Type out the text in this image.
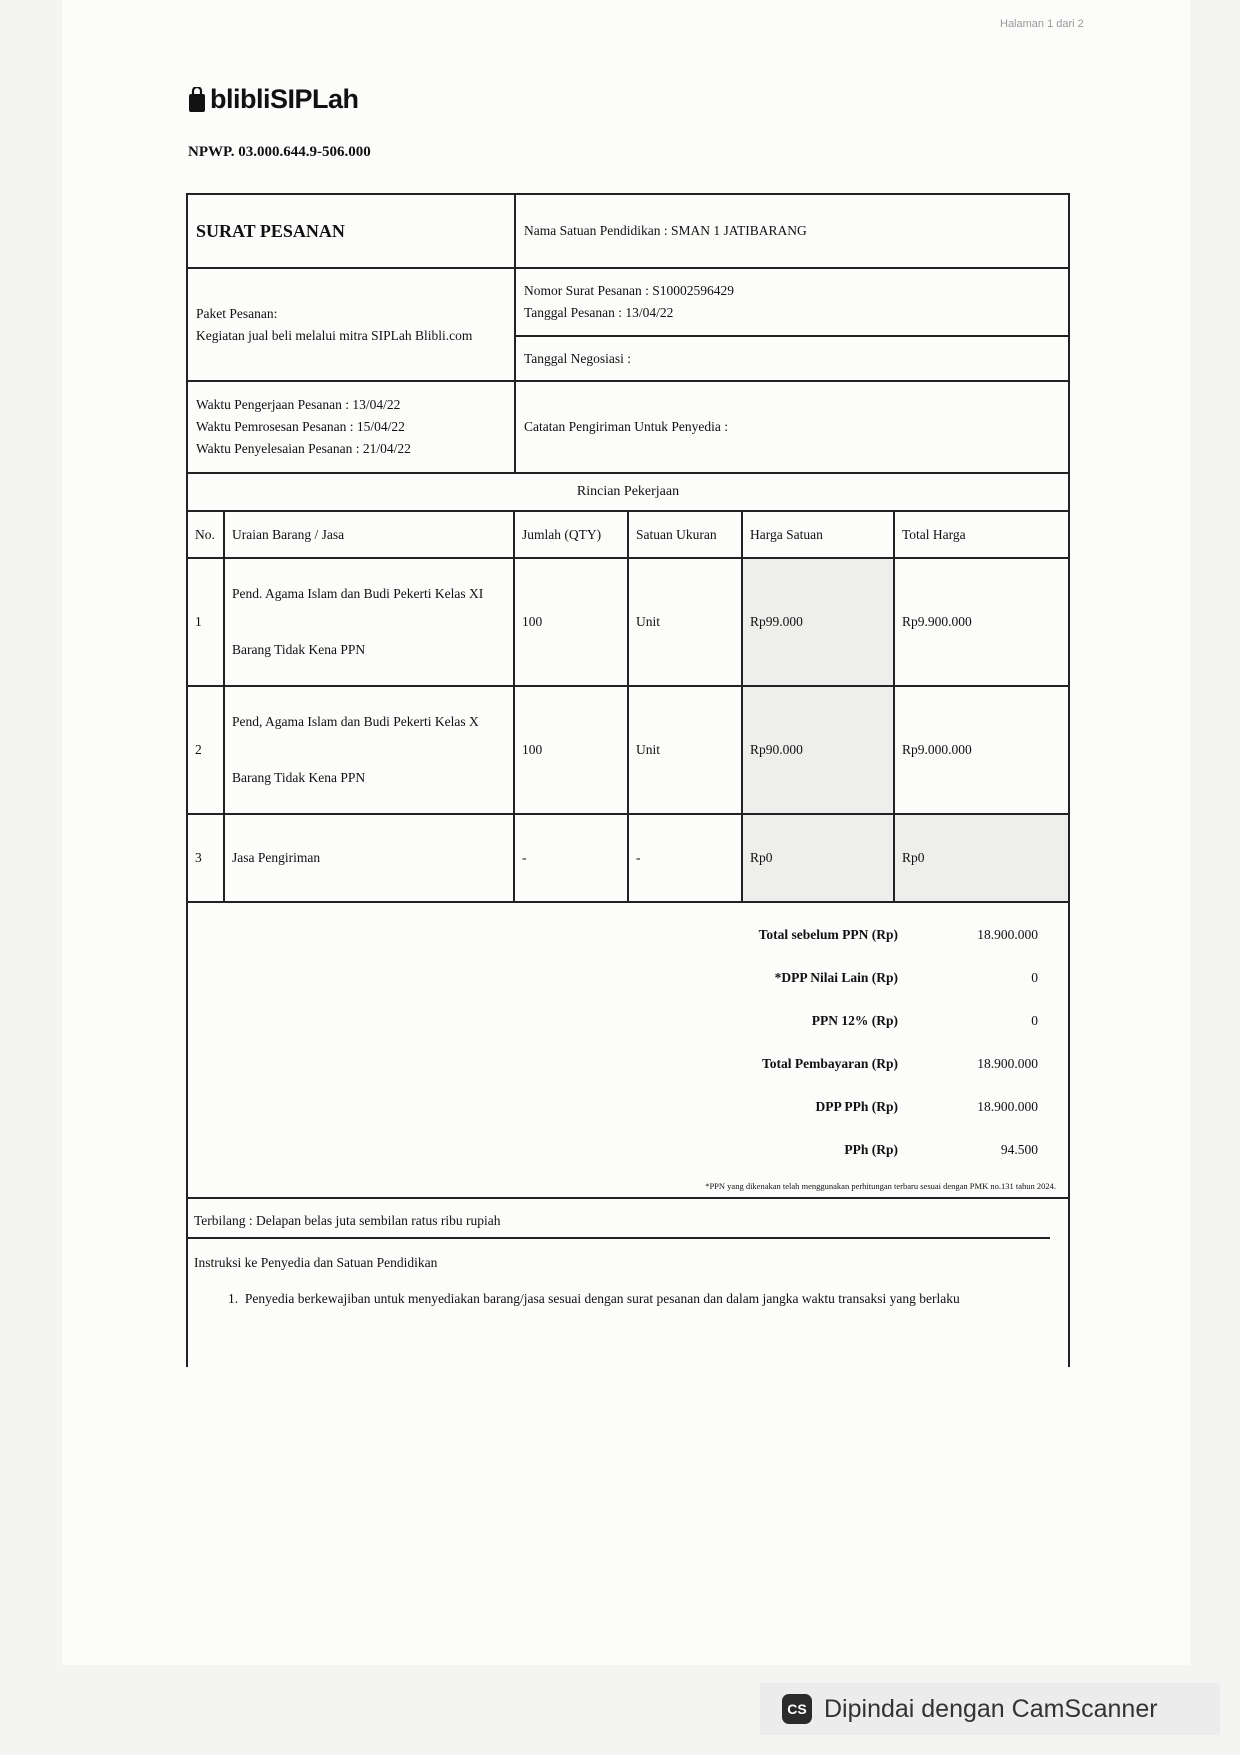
Halaman 1 dari 2
blibliSIPLah
NPWP. 03.000.644.9-506.000
SURAT PESANAN	Nama Satuan Pendidikan : SMAN 1 JATIBARANG
Paket Pesanan:
Kegiatan jual beli melalui mitra SIPLah Blibli.com
Nomor Surat Pesanan : S10002596429
Tanggal Pesanan : 13/04/22
Tanggal Negosiasi :
Waktu Pengerjaan Pesanan : 13/04/22
Waktu Pemrosesan Pesanan : 15/04/22
Waktu Penyelesaian Pesanan : 21/04/22
Catatan Pengiriman Untuk Penyedia :
Rincian Pekerjaan
No.	Uraian Barang / Jasa	Jumlah (QTY)	Satuan Ukuran	Harga Satuan	Total Harga
1	Pend. Agama Islam dan Budi Pekerti Kelas XI
Barang Tidak Kena PPN	100	Unit	Rp99.000	Rp9.900.000
2	Pend, Agama Islam dan Budi Pekerti Kelas X
Barang Tidak Kena PPN	100	Unit	Rp90.000	Rp9.000.000
3	Jasa Pengiriman	-	-	Rp0	Rp0
Total sebelum PPN (Rp)	18.900.000
*DPP Nilai Lain (Rp)	0
PPN 12% (Rp)	0
Total Pembayaran (Rp)	18.900.000
DPP PPh (Rp)	18.900.000
PPh (Rp)	94.500
*PPN yang dikenakan telah menggunakan perhitungan terbaru sesuai dengan PMK no.131 tahun 2024.
Terbilang : Delapan belas juta sembilan ratus ribu rupiah
Instruksi ke Penyedia dan Satuan Pendidikan
1.  Penyedia berkewajiban untuk menyediakan barang/jasa sesuai dengan surat pesanan dan dalam jangka waktu transaksi yang berlaku
CS Dipindai dengan CamScanner
